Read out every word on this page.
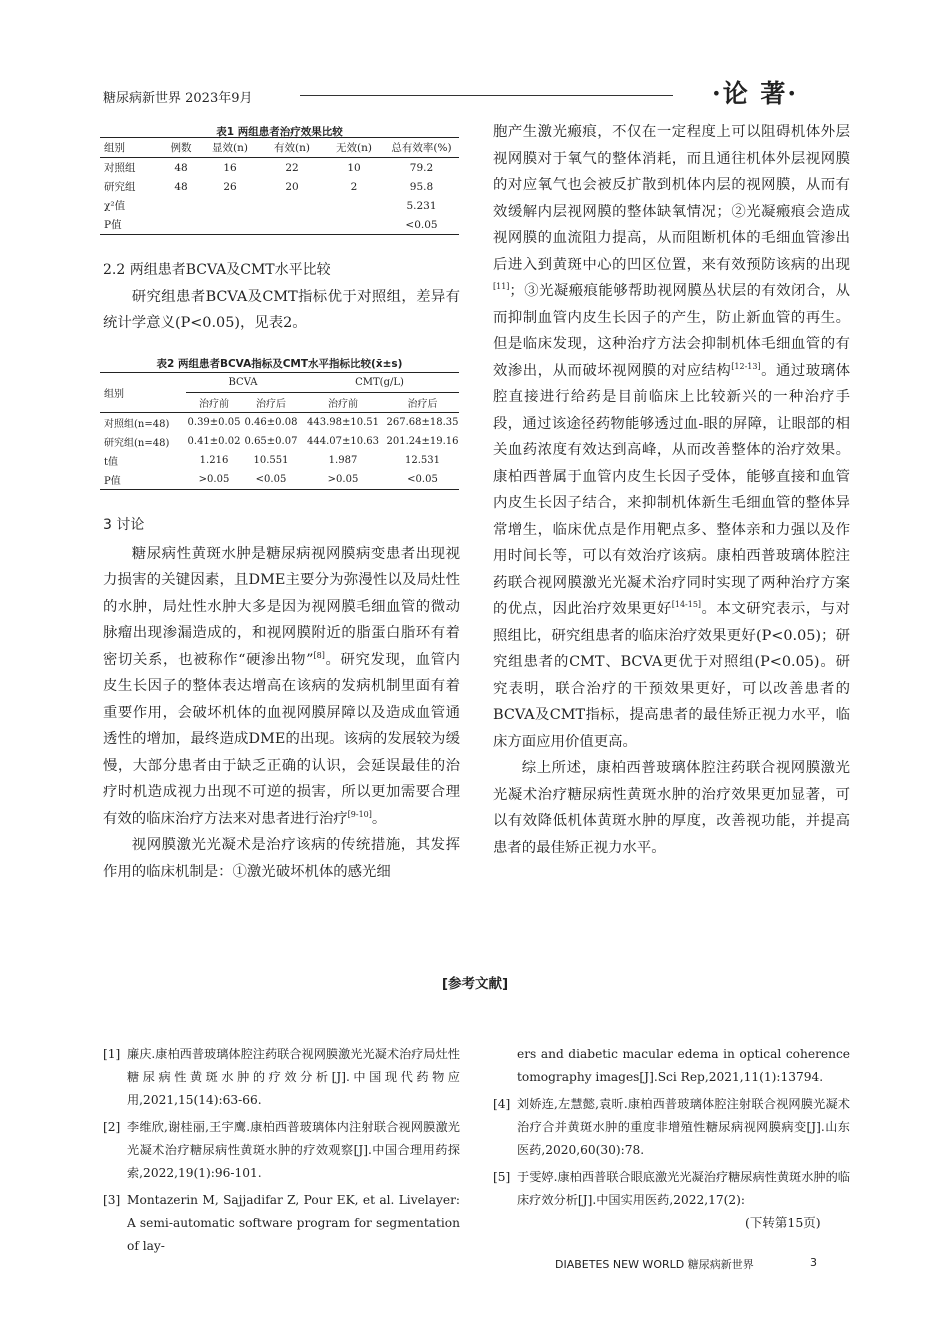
糖尿病新世界 2023年9月	·论 著·
表1 两组患者治疗效果比较
组别	例数	显效(n)	有效(n)	无效(n)	总有效率(%)
对照组	48	16	22	10	79.2
研究组	48	26	20	2	95.8
χ²值					5.231
P值					<0.05

2.2 两组患者BCVA及CMT水平比较

研究组患者BCVA及CMT指标优于对照组，差异有统计学意义(P<0.05)，见表2。

表2 两组患者BCVA指标及CMT水平指标比较(x̄±s)
组别	BCVA		CMT(g/L)	
	治疗前	治疗后	治疗前	治疗后
对照组(n=48)	0.39±0.05	0.46±0.08	443.98±10.51	267.68±18.35
研究组(n=48)	0.41±0.02	0.65±0.07	444.07±10.63	201.24±19.16
t值	1.216	10.551	1.987	12.531
P值	>0.05	<0.05	>0.05	<0.05

3 讨论

糖尿病性黄斑水肿是糖尿病视网膜病变患者出现视力损害的关键因素，且DME主要分为弥漫性以及局灶性的水肿，局灶性水肿大多是因为视网膜毛细血管的微动脉瘤出现渗漏造成的，和视网膜附近的脂蛋白脂环有着密切关系，也被称作“硬渗出物”[8]。研究发现，血管内皮生长因子的整体表达增高在该病的发病机制里面有着重要作用，会破坏机体的血视网膜屏障以及造成血管通透性的增加，最终造成DME的出现。该病的发展较为缓慢，大部分患者由于缺乏正确的认识，会延误最佳的治疗时机造成视力出现不可逆的损害，所以更加需要合理有效的临床治疗方法来对患者进行治疗[9-10]。

视网膜激光光凝术是治疗该病的传统措施，其发挥作用的临床机制是：①激光破坏机体的感光细

胞产生激光瘢痕，不仅在一定程度上可以阻碍机体外层视网膜对于氧气的整体消耗，而且通往机体外层视网膜的对应氧气也会被反扩散到机体内层的视网膜，从而有效缓解内层视网膜的整体缺氧情况；②光凝瘢痕会造成视网膜的血流阻力提高，从而阻断机体的毛细血管渗出后进入到黄斑中心的凹区位置，来有效预防该病的出现[11]；③光凝瘢痕能够帮助视网膜丛状层的有效闭合，从而抑制血管内皮生长因子的产生，防止新血管的再生。但是临床发现，这种治疗方法会抑制机体毛细血管的有效渗出，从而破坏视网膜的对应结构[12-13]。通过玻璃体腔直接进行给药是目前临床上比较新兴的一种治疗手段，通过该途径药物能够透过血-眼的屏障，让眼部的相关血药浓度有效达到高峰，从而改善整体的治疗效果。康柏西普属于血管内皮生长因子受体，能够直接和血管内皮生长因子结合，来抑制机体新生毛细血管的整体异常增生，临床优点是作用靶点多、整体亲和力强以及作用时间长等，可以有效治疗该病。康柏西普玻璃体腔注药联合视网膜激光光凝术治疗同时实现了两种治疗方案的优点，因此治疗效果更好[14-15]。本文研究表示，与对照组比，研究组患者的临床治疗效果更好(P<0.05)；研究组患者的CMT、BCVA更优于对照组(P<0.05)。研究表明，联合治疗的干预效果更好，可以改善患者的BCVA及CMT指标，提高患者的最佳矫正视力水平，临床方面应用价值更高。

综上所述，康柏西普玻璃体腔注药联合视网膜激光光凝术治疗糖尿病性黄斑水肿的治疗效果更加显著，可以有效降低机体黄斑水肿的厚度，改善视功能，并提高患者的最佳矫正视力水平。

[参考文献]
[1] 廉庆.康柏西普玻璃体腔注药联合视网膜激光光凝术治疗局灶性糖尿病性黄斑水肿的疗效分析[J].中国现代药物应用,2021,15(14):63-66.
[2] 李维欣,谢桂丽,王宇鹰.康柏西普玻璃体内注射联合视网膜激光光凝术治疗糖尿病性黄斑水肿的疗效观察[J].中国合理用药探索,2022,19(1):96-101.
[3] Montazerin M, Sajjadifar Z, Pour EK, et al. Livelayer: A semi-automatic software program for segmentation of lay-
ers and diabetic macular edema in optical coherence tomography images[J].Sci Rep,2021,11(1):13794.
[4] 刘娇连,左慧懿,袁昕.康柏西普玻璃体腔注射联合视网膜光凝术治疗合并黄斑水肿的重度非增殖性糖尿病视网膜病变[J].山东医药,2020,60(30):78.
[5] 于雯婷.康柏西普联合眼底激光光凝治疗糖尿病性黄斑水肿的临床疗效分析[J].中国实用医药,2022,17(2):
(下转第15页)
DIABETES NEW WORLD 糖尿病新世界	3
